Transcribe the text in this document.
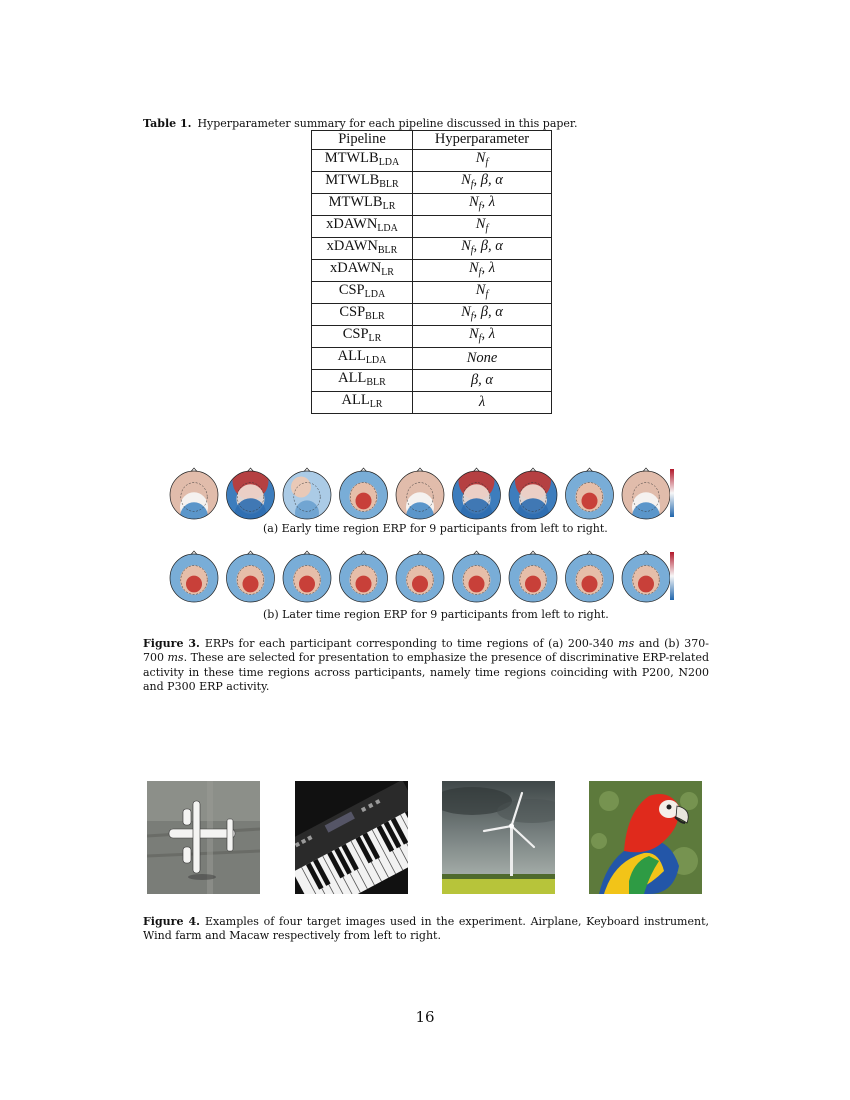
Table 1. Hyperparameter summary for each pipeline discussed in this paper.
Pipeline	Hyperparameter
$MTWLB_{LDA}$	$N_f$
$MTWLB_{BLR}$	$N_f$, β, α
$MTWLB_{LR}$	$N_f$, λ
xDAWN$_{LDA}$	$N_f$
xDAWN$_{BLR}$	$N_f$, β, α
xDAWN$_{LR}$	$N_f$, λ
$CSP_{LDA}$	$N_f$
$CSP_{BLR}$	$N_f$, β, α
$CSP_{LR}$	$N_f$, λ
$ALL_{LDA}$	None
$ALL_{BLR}$	β, α
$ALL_{LR}$	λ
(a) Early time region ERP for 9 participants from left to right.
(b) Later time region ERP for 9 participants from left to right.
Figure 3. ERPs for each participant corresponding to time regions of (a) 200-340 ms and (b) 370-700 ms. These are selected for presentation to emphasize the presence of discriminative ERP-related activity in these time regions across participants, namely time regions coinciding with P200, N200 and P300 ERP activity.
Figure 4. Examples of four target images used in the experiment. Airplane, Keyboard instrument, Wind farm and Macaw respectively from left to right.
16
